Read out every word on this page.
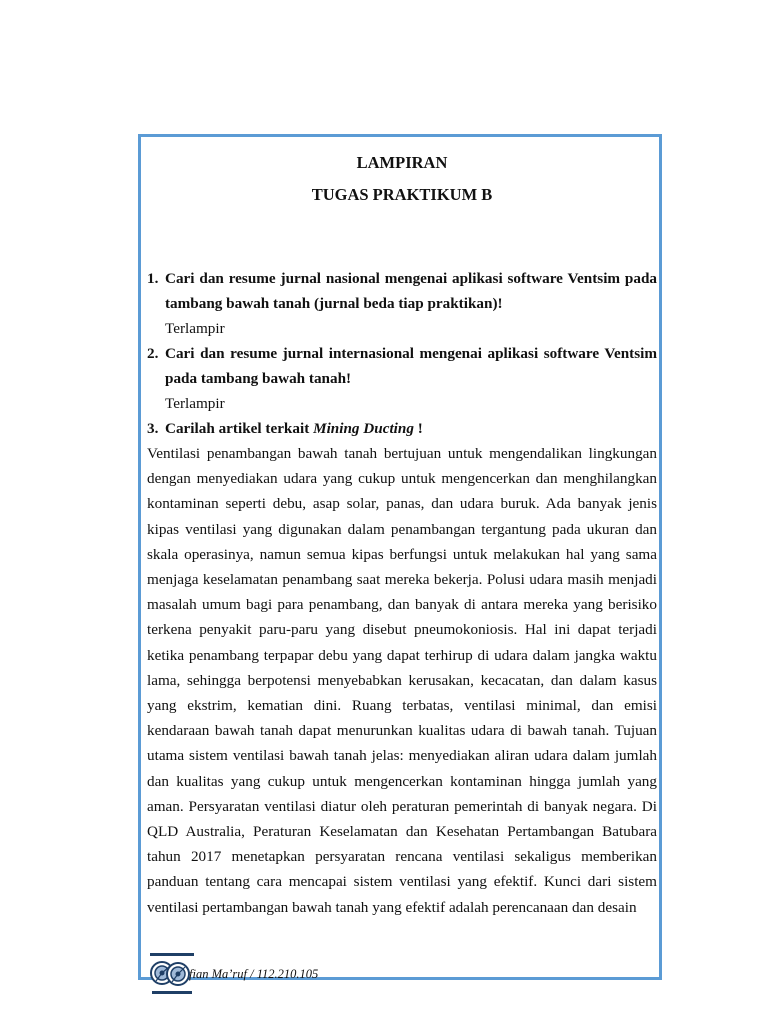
LAMPIRAN

TUGAS PRAKTIKUM B

1. Cari dan resume jurnal nasional mengenai aplikasi software Ventsim pada tambang bawah tanah (jurnal beda tiap praktikan)!

Terlampir

2. Cari dan resume jurnal internasional mengenai aplikasi software Ventsim pada tambang bawah tanah!

Terlampir

3. Carilah artikel terkait Mining Ducting !

Ventilasi penambangan bawah tanah bertujuan untuk mengendalikan lingkungan dengan menyediakan udara yang cukup untuk mengencerkan dan menghilangkan kontaminan seperti debu, asap solar, panas, dan udara buruk. Ada banyak jenis kipas ventilasi yang digunakan dalam penambangan tergantung pada ukuran dan skala operasinya, namun semua kipas berfungsi untuk melakukan hal yang sama menjaga keselamatan penambang saat mereka bekerja. Polusi udara masih menjadi masalah umum bagi para penambang, dan banyak di antara mereka yang berisiko terkena penyakit paru-paru yang disebut pneumokoniosis. Hal ini dapat terjadi ketika penambang terpapar debu yang dapat terhirup di udara dalam jangka waktu lama, sehingga berpotensi menyebabkan kerusakan, kecacatan, dan dalam kasus yang ekstrim, kematian dini. Ruang terbatas, ventilasi minimal, dan emisi kendaraan bawah tanah dapat menurunkan kualitas udara di bawah tanah. Tujuan utama sistem ventilasi bawah tanah jelas: menyediakan aliran udara dalam jumlah dan kualitas yang cukup untuk mengencerkan kontaminan hingga jumlah yang aman. Persyaratan ventilasi diatur oleh peraturan pemerintah di banyak negara. Di QLD Australia, Peraturan Keselamatan dan Kesehatan Pertambangan Batubara tahun 2017 menetapkan persyaratan rencana ventilasi sekaligus memberikan panduan tentang cara mencapai sistem ventilasi yang efektif. Kunci dari sistem ventilasi pertambangan bawah tanah yang efektif adalah perencanaan dan desain

fian Ma’ruf / 112.210.105
